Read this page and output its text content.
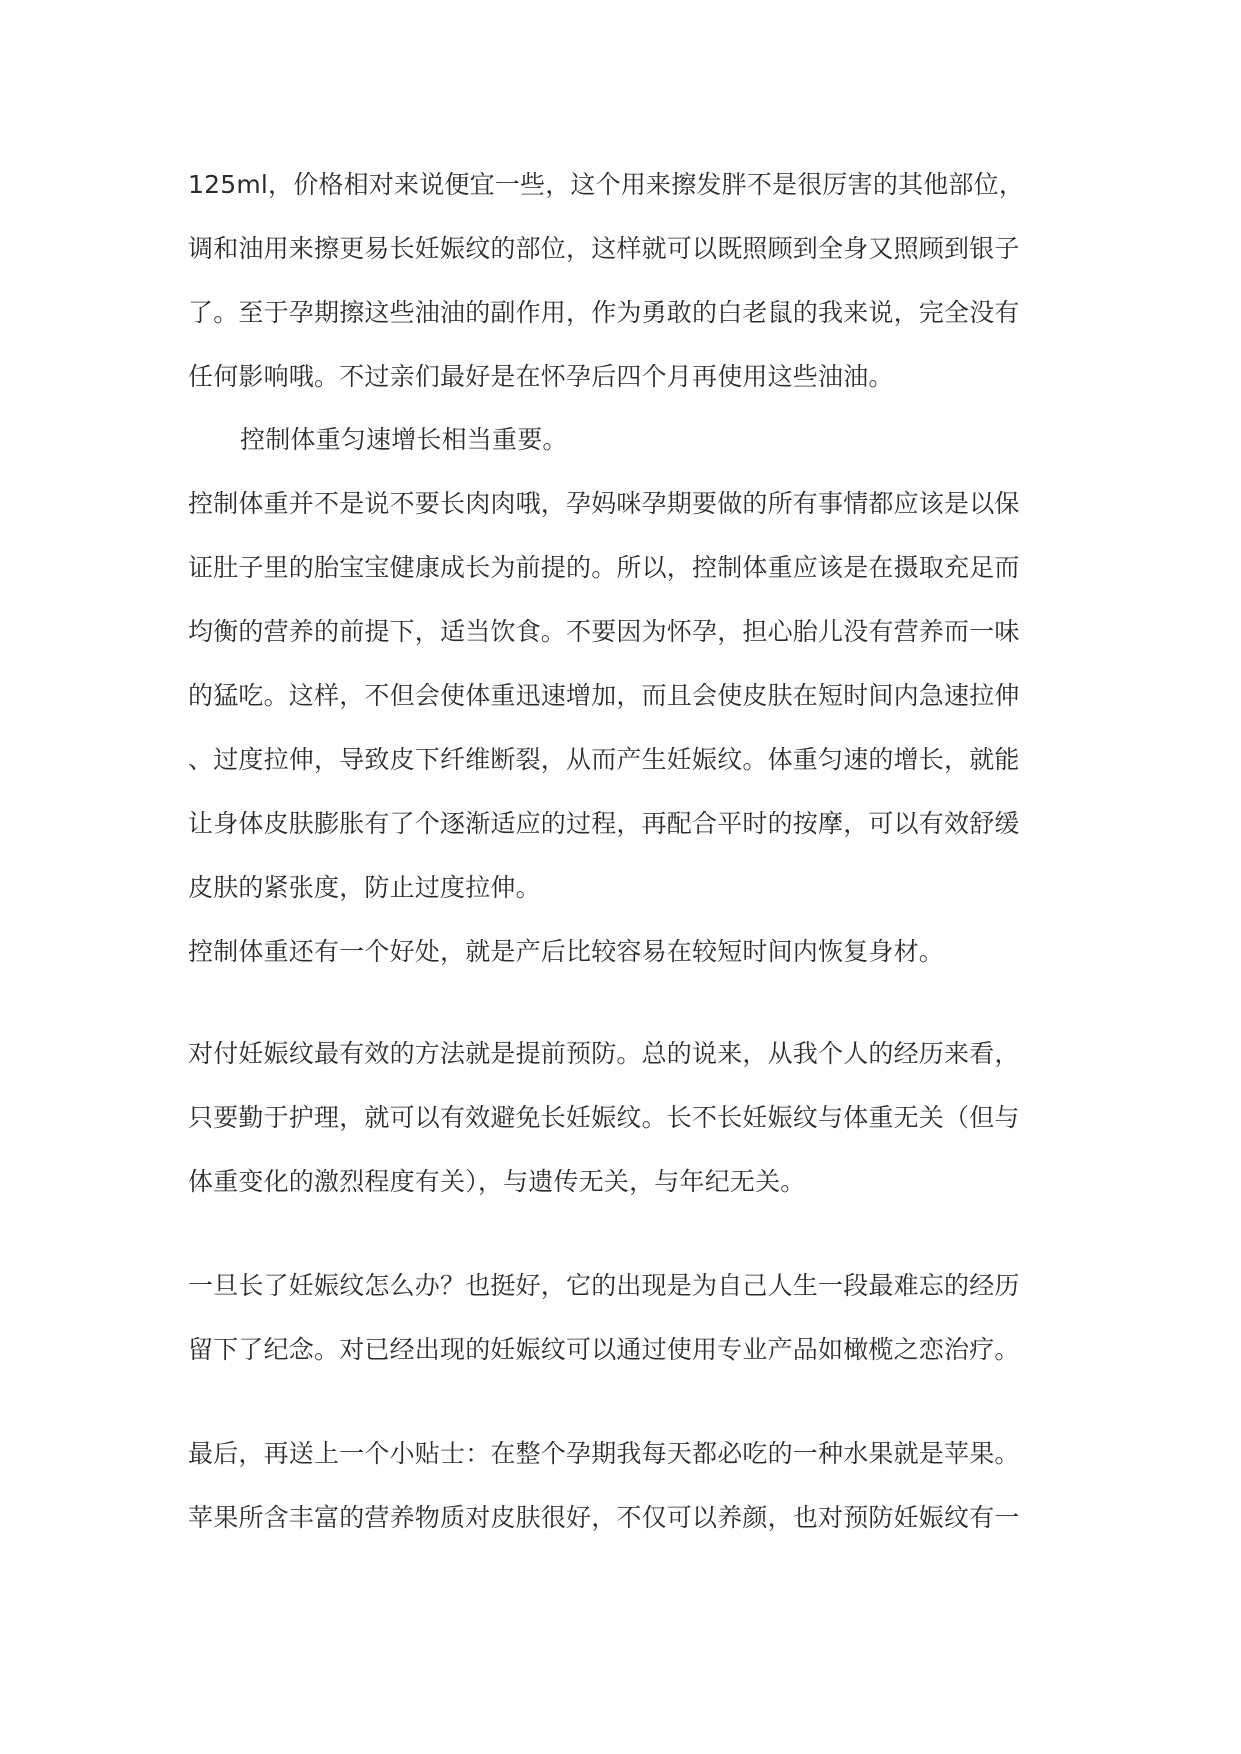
125ml，价格相对来说便宜一些，这个用来擦发胖不是很厉害的其他部位，
调和油用来擦更易长妊娠纹的部位，这样就可以既照顾到全身又照顾到银子
了。至于孕期擦这些油油的副作用，作为勇敢的白老鼠的我来说，完全没有
任何影响哦。不过亲们最好是在怀孕后四个月再使用这些油油。
控制体重匀速增长相当重要。
控制体重并不是说不要长肉肉哦，孕妈咪孕期要做的所有事情都应该是以保
证肚子里的胎宝宝健康成长为前提的。所以，控制体重应该是在摄取充足而
均衡的营养的前提下，适当饮食。不要因为怀孕，担心胎儿没有营养而一味
的猛吃。这样，不但会使体重迅速增加，而且会使皮肤在短时间内急速拉伸
、过度拉伸，导致皮下纤维断裂，从而产生妊娠纹。体重匀速的增长，就能
让身体皮肤膨胀有了个逐渐适应的过程，再配合平时的按摩，可以有效舒缓
皮肤的紧张度，防止过度拉伸。
控制体重还有一个好处，就是产后比较容易在较短时间内恢复身材。
对付妊娠纹最有效的方法就是提前预防。总的说来，从我个人的经历来看，
只要勤于护理，就可以有效避免长妊娠纹。长不长妊娠纹与体重无关（但与
体重变化的激烈程度有关），与遗传无关，与年纪无关。
一旦长了妊娠纹怎么办？也挺好，它的出现是为自己人生一段最难忘的经历
留下了纪念。对已经出现的妊娠纹可以通过使用专业产品如橄榄之恋治疗。
最后，再送上一个小贴士：在整个孕期我每天都必吃的一种水果就是苹果。
苹果所含丰富的营养物质对皮肤很好，不仅可以养颜，也对预防妊娠纹有一
